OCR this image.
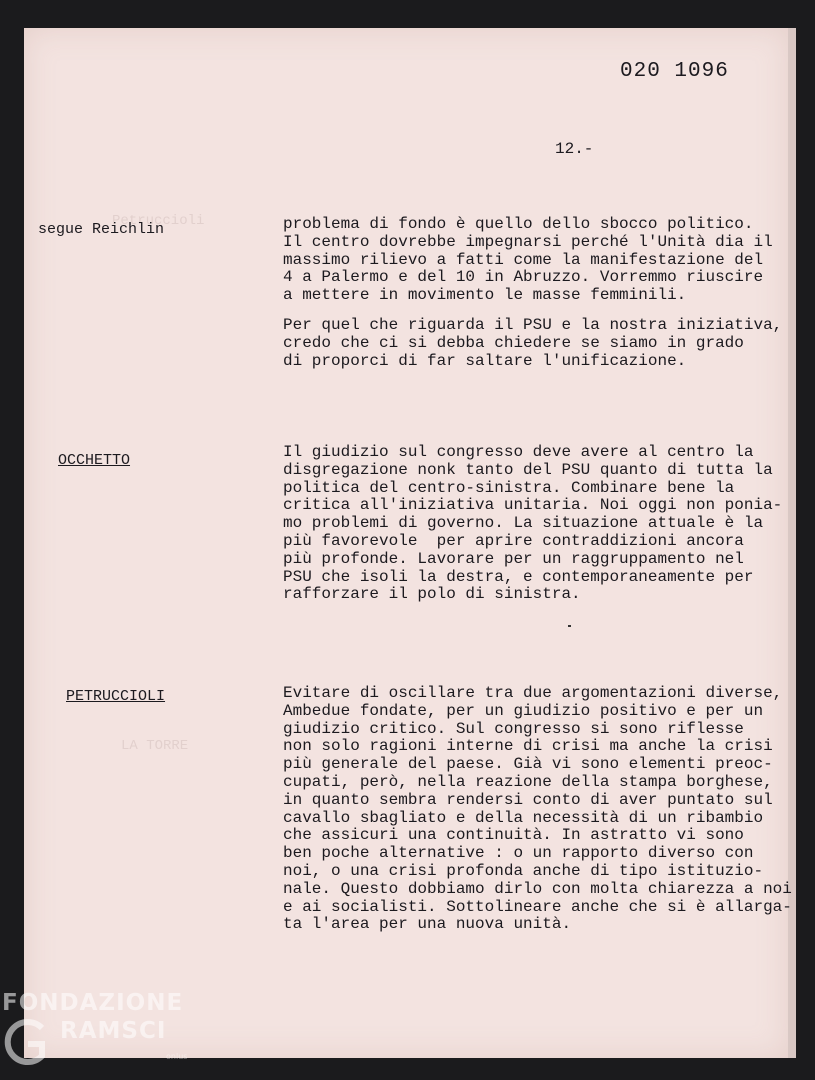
Petruccioli
LA TORRE
020 1096
12.-
segue Reichlin	problema di fondo è quello dello sbocco politico.
Il centro dovrebbe impegnarsi perché l'Unità dia il
massimo rilievo a fatti come la manifestazione del
4 a Palermo e del 10 in Abruzzo. Vorremmo riuscire
a mettere in movimento le masse femminili.
Per quel che riguarda il PSU e la nostra iniziativa,
credo che ci si debba chiedere se siamo in grado
di proporci di far saltare l'unificazione.
OCCHETTO	Il giudizio sul congresso deve avere al centro la
disgregazione nonk tanto del PSU quanto di tutta la
politica del centro-sinistra. Combinare bene la
critica all'iniziativa unitaria. Noi oggi non ponia-
mo problemi di governo. La situazione attuale è la
più favorevole  per aprire contraddizioni ancora
più profonde. Lavorare per un raggruppamento nel
PSU che isoli la destra, e contemporaneamente per
rafforzare il polo di sinistra.
PETRUCCIOLI	Evitare di oscillare tra due argomentazioni diverse,
Ambedue fondate, per un giudizio positivo e per un
giudizio critico. Sul congresso si sono riflesse
non solo ragioni interne di crisi ma anche la crisi
più generale del paese. Già vi sono elementi preoc-
cupati, però, nella reazione della stampa borghese,
in quanto sembra rendersi conto di aver puntato sul
cavallo sbagliato e della necessità di un ribambio
che assicuri una continuità. In astratto vi sono
ben poche alternative : o un rapporto diverso con
noi, o una crisi profonda anche di tipo istituzio-
nale. Questo dobbiamo dirlo con molta chiarezza a noi
e ai socialisti. Sottolineare anche che si è allarga-
ta l'area per una nuova unità.
FONDAZIONE
RAMSCI
onlus
